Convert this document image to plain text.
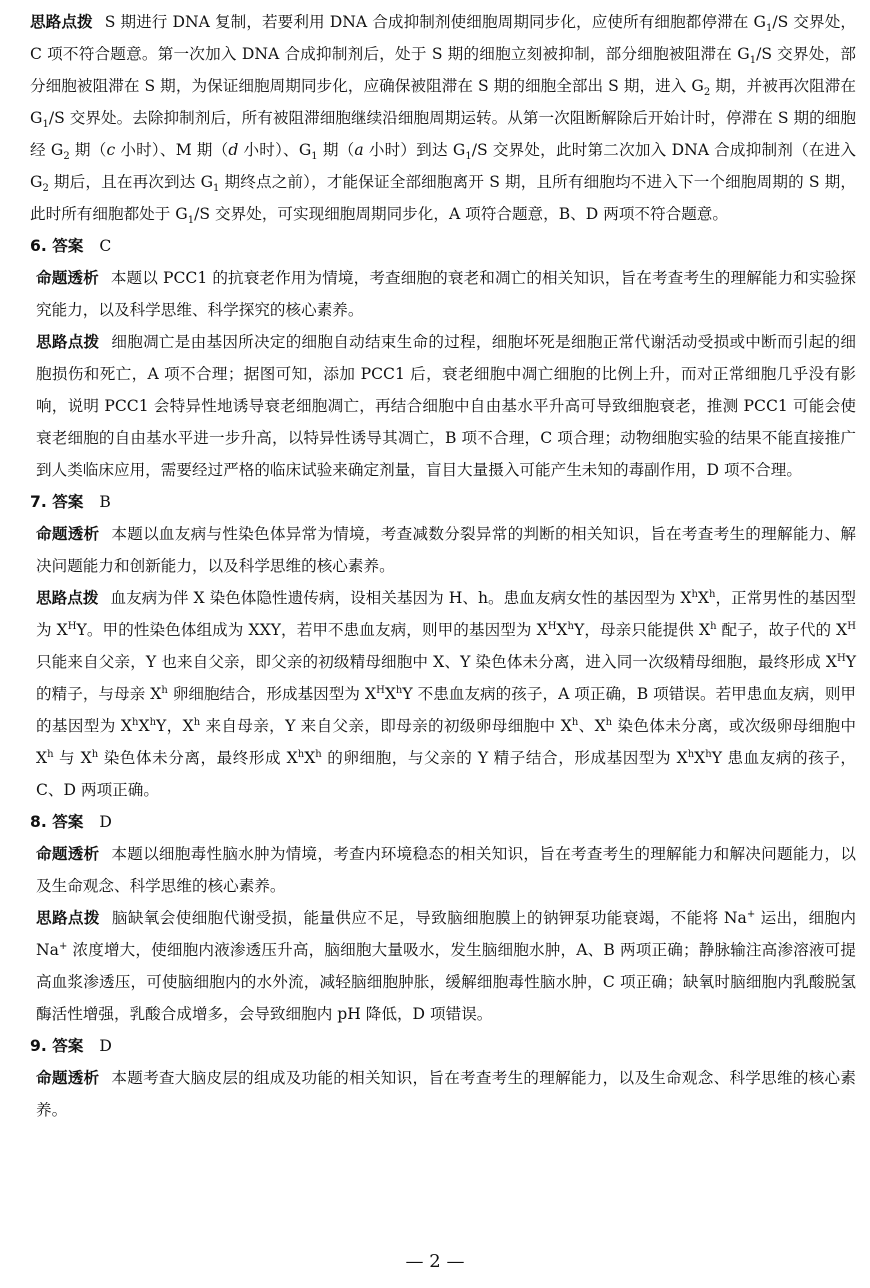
思路点拨 S 期进行 DNA 复制，若要利用 DNA 合成抑制剂使细胞周期同步化，应使所有细胞都停滞在 $G_1/S$ 交界处，C 项不符合题意。第一次加入 DNA 合成抑制剂后，处于 S 期的细胞立刻被抑制，部分细胞被阻滞在 $G_1/S$ 交界处，部分细胞被阻滞在 S 期，为保证细胞周期同步化，应确保被阻滞在 S 期的细胞全部出 S 期，进入 $G_2$ 期，并被再次阻滞在 $G_1/S$ 交界处。去除抑制剂后，所有被阻滞细胞继续沿细胞周期运转。从第一次阻断解除后开始计时，停滞在 S 期的细胞经 $G_2$ 期（c 小时）、M 期（d 小时）、$G_1$ 期（a 小时）到达 $G_1/S$ 交界处，此时第二次加入 DNA 合成抑制剂（在进入 $G_2$ 期后，且在再次到达 $G_1$ 期终点之前），才能保证全部细胞离开 S 期，且所有细胞均不进入下一个细胞周期的 S 期，此时所有细胞都处于 $G_1/S$ 交界处，可实现细胞周期同步化，A 项符合题意，B、D 两项不符合题意。

6. 答案 C

命题透析 本题以 PCC1 的抗衰老作用为情境，考查细胞的衰老和凋亡的相关知识，旨在考查考生的理解能力和实验探究能力，以及科学思维、科学探究的核心素养。

思路点拨 细胞凋亡是由基因所决定的细胞自动结束生命的过程，细胞坏死是细胞正常代谢活动受损或中断而引起的细胞损伤和死亡，A 项不合理；据图可知，添加 PCC1 后，衰老细胞中凋亡细胞的比例上升，而对正常细胞几乎没有影响，说明 PCC1 会特异性地诱导衰老细胞凋亡，再结合细胞中自由基水平升高可导致细胞衰老，推测 PCC1 可能会使衰老细胞的自由基水平进一步升高，以特异性诱导其凋亡，B 项不合理，C 项合理；动物细胞实验的结果不能直接推广到人类临床应用，需要经过严格的临床试验来确定剂量，盲目大量摄入可能产生未知的毒副作用，D 项不合理。

7. 答案 B

命题透析 本题以血友病与性染色体异常为情境，考查减数分裂异常的判断的相关知识，旨在考查考生的理解能力、解决问题能力和创新能力，以及科学思维的核心素养。

思路点拨 血友病为伴 X 染色体隐性遗传病，设相关基因为 H、h。患血友病女性的基因型为 $X^hX^h$，正常男性的基因型为 $X^HY$。甲的性染色体组成为 XXY，若甲不患血友病，则甲的基因型为 $X^HX^hY$，母亲只能提供 $X^h$ 配子，故子代的 $X^H$ 只能来自父亲，Y 也来自父亲，即父亲的初级精母细胞中 X、Y 染色体未分离，进入同一次级精母细胞，最终形成 $X^HY$ 的精子，与母亲 $X^h$ 卵细胞结合，形成基因型为 $X^HX^hY$ 不患血友病的孩子，A 项正确，B 项错误。若甲患血友病，则甲的基因型为 $X^hX^hY$，$X^h$ 来自母亲，Y 来自父亲，即母亲的初级卵母细胞中 $X^h$、$X^h$ 染色体未分离，或次级卵母细胞中 $X^h$ 与 $X^h$ 染色体未分离，最终形成 $X^hX^h$ 的卵细胞，与父亲的 Y 精子结合，形成基因型为 $X^hX^hY$ 患血友病的孩子，C、D 两项正确。

8. 答案 D

命题透析 本题以细胞毒性脑水肿为情境，考查内环境稳态的相关知识，旨在考查考生的理解能力和解决问题能力，以及生命观念、科学思维的核心素养。

思路点拨 脑缺氧会使细胞代谢受损，能量供应不足，导致脑细胞膜上的钠钾泵功能衰竭，不能将 Na+ 运出，细胞内 Na+ 浓度增大，使细胞内液渗透压升高，脑细胞大量吸水，发生脑细胞水肿，A、B 两项正确；静脉输注高渗溶液可提高血浆渗透压，可使脑细胞内的水外流，减轻脑细胞肿胀，缓解细胞毒性脑水肿，C 项正确；缺氧时脑细胞内乳酸脱氢酶活性增强，乳酸合成增多，会导致细胞内 pH 降低，D 项错误。

9. 答案 D

命题透析 本题考查大脑皮层的组成及功能的相关知识，旨在考查考生的理解能力，以及生命观念、科学思维的核心素养。

— 2 —
